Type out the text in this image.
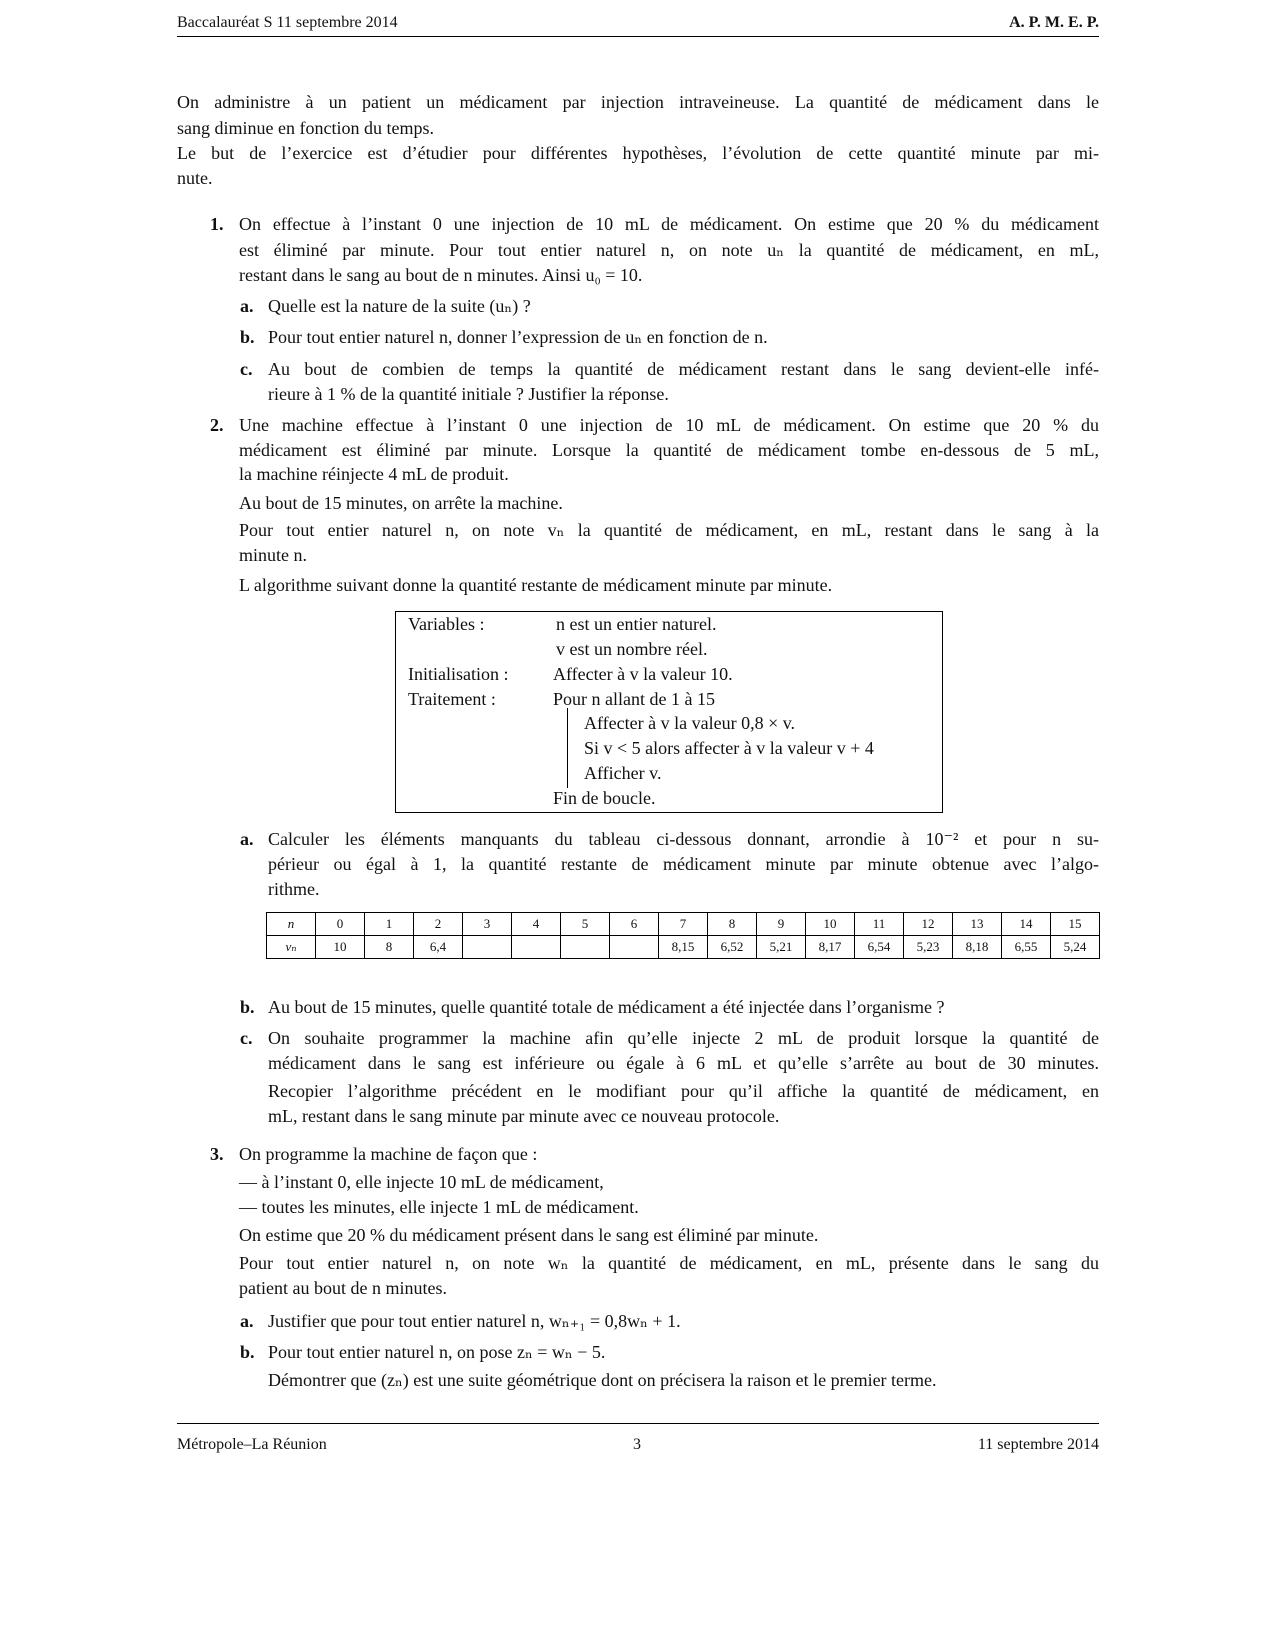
Baccalauréat S 11 septembre 2014	A. P. M. E. P.
On administre à un patient un médicament par injection intraveineuse. La quantité de médicament dans le
sang diminue en fonction du temps.
Le but de l’exercice est d’étudier pour différentes hypothèses, l’évolution de cette quantité minute par mi-
nute.
1. On effectue à l’instant 0 une injection de 10 mL de médicament. On estime que 20 % du médicament
est éliminé par minute. Pour tout entier naturel n, on note uₙ la quantité de médicament, en mL,
restant dans le sang au bout de n minutes. Ainsi u₀ = 10.
a. Quelle est la nature de la suite (uₙ) ?
b. Pour tout entier naturel n, donner l’expression de uₙ en fonction de n.
c. Au bout de combien de temps la quantité de médicament restant dans le sang devient-elle infé-
rieure à 1 % de la quantité initiale ? Justifier la réponse.
2. Une machine effectue à l’instant 0 une injection de 10 mL de médicament. On estime que 20 % du
médicament est éliminé par minute. Lorsque la quantité de médicament tombe en-dessous de 5 mL,
la machine réinjecte 4 mL de produit.
Au bout de 15 minutes, on arrête la machine.
Pour tout entier naturel n, on note vₙ la quantité de médicament, en mL, restant dans le sang à la
minute n.
L algorithme suivant donne la quantité restante de médicament minute par minute.
Variables :	n est un entier naturel.
v est un nombre réel.
Initialisation : Affecter à v la valeur 10.
Traitement :	Pour n allant de 1 à 15
Affecter à v la valeur 0,8 × v.
Si v < 5 alors affecter à v la valeur v + 4
Afficher v.
Fin de boucle.
a. Calculer les éléments manquants du tableau ci-dessous donnant, arrondie à 10⁻² et pour n su-
périeur ou égal à 1, la quantité restante de médicament minute par minute obtenue avec l’algo-
rithme.
n	0	1	2	3	4	5	6	7	8	9	10	11	12	13	14	15
vₙ	10	8	6,4					8,15	6,52	5,21	8,17	6,54	5,23	8,18	6,55	5,24
b. Au bout de 15 minutes, quelle quantité totale de médicament a été injectée dans l’organisme ?
c. On souhaite programmer la machine afin qu’elle injecte 2 mL de produit lorsque la quantité de
médicament dans le sang est inférieure ou égale à 6 mL et qu’elle s’arrête au bout de 30 minutes.
Recopier l’algorithme précédent en le modifiant pour qu’il affiche la quantité de médicament, en
mL, restant dans le sang minute par minute avec ce nouveau protocole.
3. On programme la machine de façon que :
— à l’instant 0, elle injecte 10 mL de médicament,
— toutes les minutes, elle injecte 1 mL de médicament.
On estime que 20 % du médicament présent dans le sang est éliminé par minute.
Pour tout entier naturel n, on note wₙ la quantité de médicament, en mL, présente dans le sang du
patient au bout de n minutes.
a. Justifier que pour tout entier naturel n, wₙ₊₁ = 0,8wₙ + 1.
b. Pour tout entier naturel n, on pose zₙ = wₙ − 5.
Démontrer que (zₙ) est une suite géométrique dont on précisera la raison et le premier terme.
Métropole–La Réunion	3	11 septembre 2014
